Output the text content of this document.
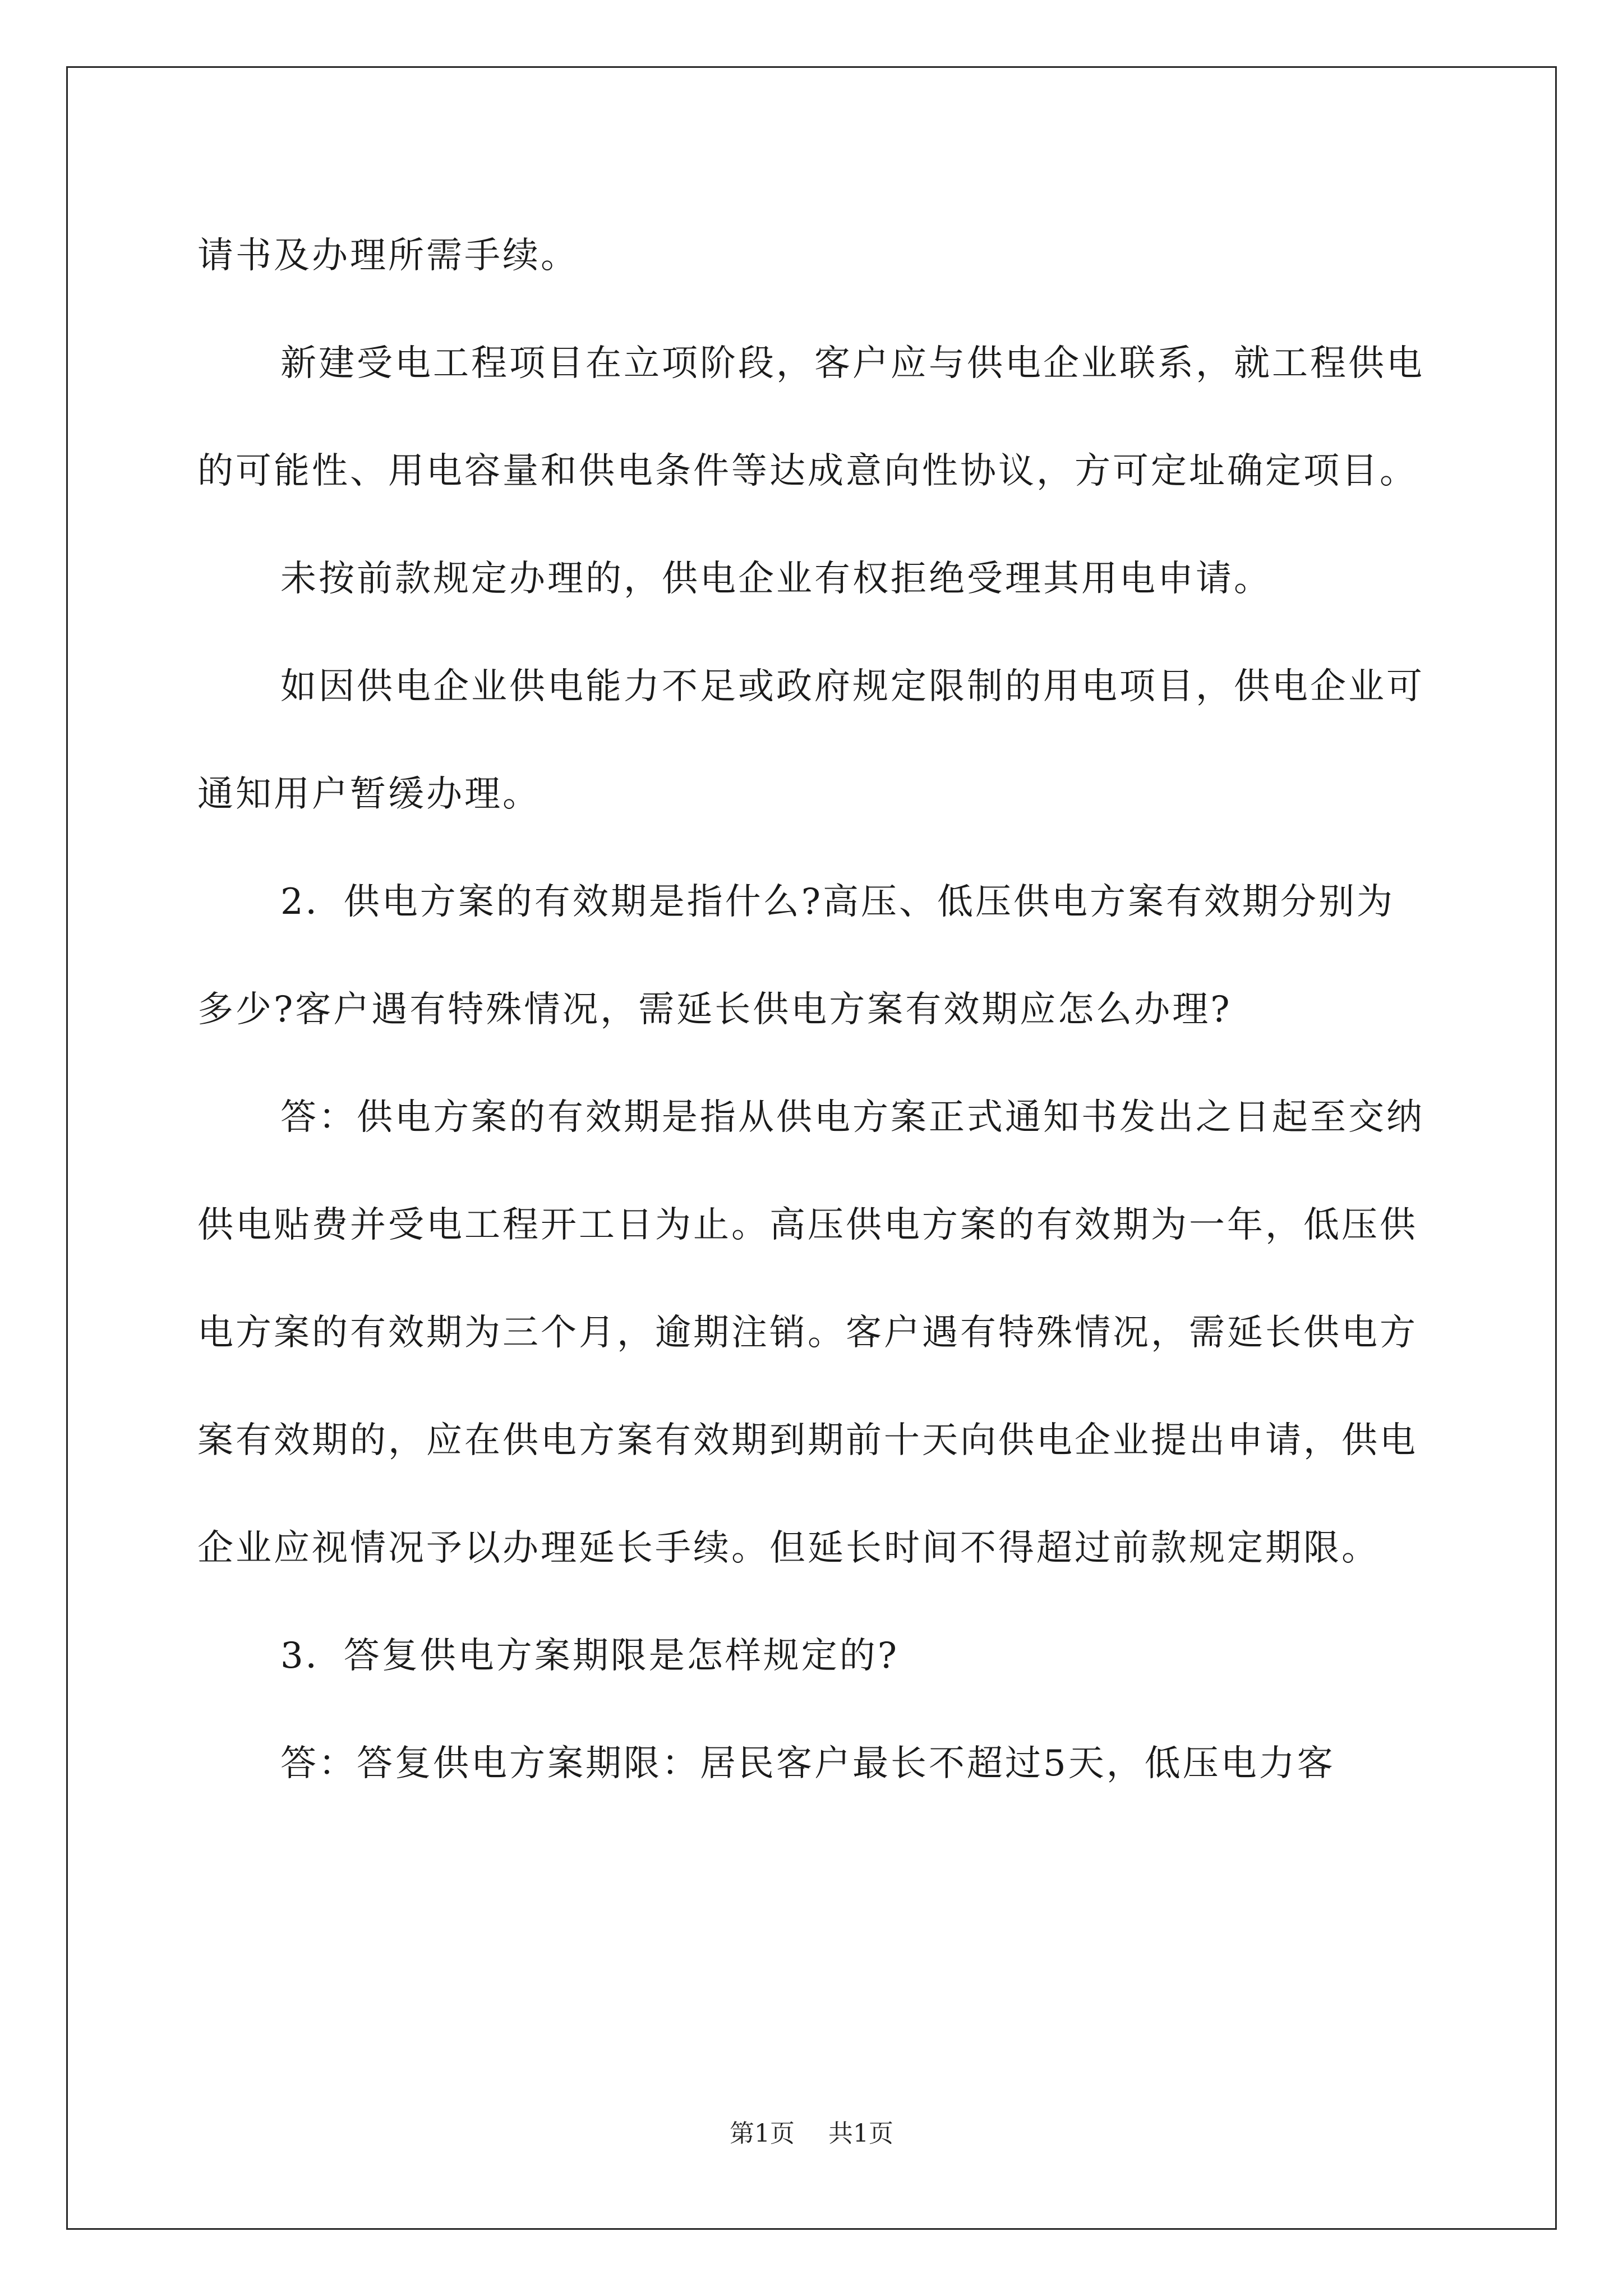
请书及办理所需手续。

新建受电工程项目在立项阶段，客户应与供电企业联系，就工程供电的可能性、用电容量和供电条件等达成意向性协议，方可定址确定项目。

未按前款规定办理的，供电企业有权拒绝受理其用电申请。

如因供电企业供电能力不足或政府规定限制的用电项目，供电企业可通知用户暂缓办理。

2．供电方案的有效期是指什么?高压、低压供电方案有效期分别为多少?客户遇有特殊情况，需延长供电方案有效期应怎么办理?

答：供电方案的有效期是指从供电方案正式通知书发出之日起至交纳供电贴费并受电工程开工日为止。高压供电方案的有效期为一年，低压供电方案的有效期为三个月，逾期注销。客户遇有特殊情况，需延长供电方案有效期的，应在供电方案有效期到期前十天向供电企业提出申请，供电企业应视情况予以办理延长手续。但延长时间不得超过前款规定期限。

3．答复供电方案期限是怎样规定的?

答：答复供电方案期限：居民客户最长不超过5天，低压电力客

第1页 共1页
